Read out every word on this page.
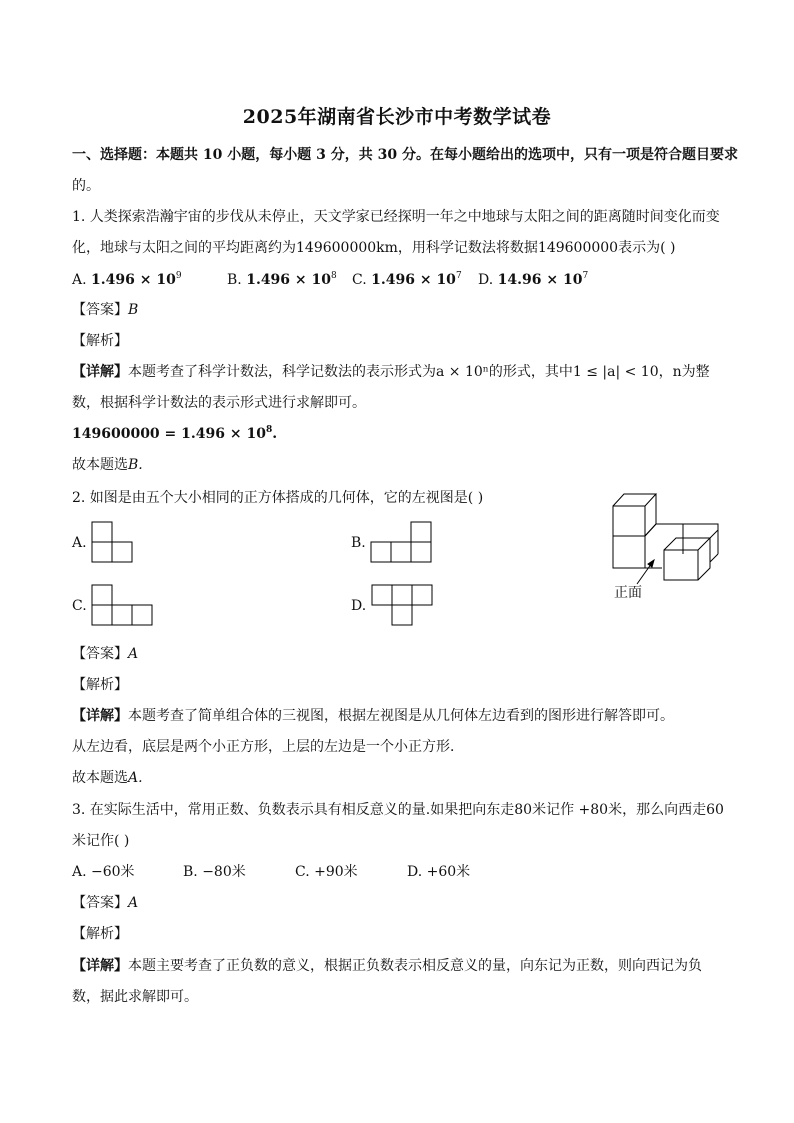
2025年湖南省长沙市中考数学试卷
一、选择题：本题共 10 小题，每小题 3 分，共 30 分。在每小题给出的选项中，只有一项是符合题目要求
的。
1. 人类探索浩瀚宇宙的步伐从未停止，天文学家已经探明一年之中地球与太阳之间的距离随时间变化而变
化，地球与太阳之间的平均距离约为149600000km，用科学记数法将数据149600000表示为( )
A. $1.496 \times 10^9$	B. $1.496 \times 10^8$ C. $1.496 \times 10^7$ D. $14.96 \times 10^7$
【答案】B
【解析】
【详解】本题考查了科学计数法，科学记数法的表示形式为a × 10ⁿ的形式，其中1 ≤ |a| < 10，n为整
数，根据科学计数法的表示形式进行求解即可。
$149600000 = 1.496 \times 10^8$.
故本题选B.
2. 如图是由五个大小相同的正方体搭成的几何体，它的左视图是( )
正面
A.	B.
C.	D.
【答案】A
【解析】
【详解】本题考查了简单组合体的三视图，根据左视图是从几何体左边看到的图形进行解答即可。
从左边看，底层是两个小正方形，上层的左边是一个小正方形．
故本题选A.
3. 在实际生活中，常用正数、负数表示具有相反意义的量.如果把向东走80米记作 +80米，那么向西走60
米记作( )
A. −60米	B. −80米	C. +90米	D. +60米
【答案】A
【解析】
【详解】本题主要考查了正负数的意义，根据正负数表示相反意义的量，向东记为正数，则向西记为负
数，据此求解即可。
